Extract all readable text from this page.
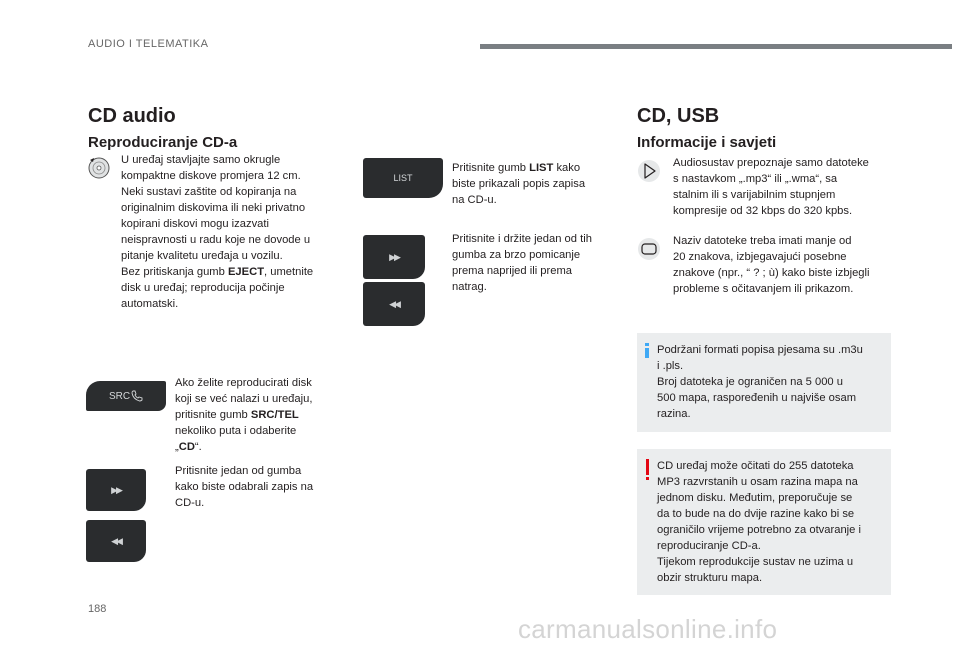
AUDIO I TELEMATIKA
CD audio
Reproduciranje CD-a
U uređaj stavljajte samo okrugle
kompaktne diskove promjera 12 cm.
Neki sustavi zaštite od kopiranja na
originalnim diskovima ili neki privatno
kopirani diskovi mogu izazvati
neispravnosti u radu koje ne dovode u
pitanje kvalitetu uređaja u vozilu.
Bez pritiskanja gumb EJECT, umetnite
disk u uređaj; reproducija počinje
automatski.
SRC
Ako želite reproducirati disk
koji se već nalazi u uređaju,
pritisnite gumb SRC/TEL
nekoliko puta i odaberite
„CD“.
▶▶
◀◀
Pritisnite jedan od gumba
kako biste odabrali zapis na
CD-u.
LIST
Pritisnite gumb LIST kako
biste prikazali popis zapisa
na CD-u.
▶▶
◀◀
Pritisnite i držite jedan od tih
gumba za brzo pomicanje
prema naprijed ili prema
natrag.
CD, USB
Informacije i savjeti
Audiosustav prepoznaje samo datoteke
s nastavkom „.mp3“ ili „.wma“, sa
stalnim ili s varijabilnim stupnjem
kompresije od 32 kbps do 320 kpbs.
Naziv datoteke treba imati manje od
20 znakova, izbjegavajući posebne
znakove (npr., “ ? ; ù) kako biste izbjegli
probleme s očitavanjem ili prikazom.
Podržani formati popisa pjesama su .m3u
i .pls.
Broj datoteka je ograničen na 5 000 u
500 mapa, raspoređenih u najviše osam
razina.
CD uređaj može očitati do 255 datoteka
MP3 razvrstanih u osam razina mapa na
jednom disku. Međutim, preporučuje se
da to bude na do dvije razine kako bi se
ograničilo vrijeme potrebno za otvaranje i
reproduciranje CD-a.
Tijekom reprodukcije sustav ne uzima u
obzir strukturu mapa.
188
carmanualsonline.info
